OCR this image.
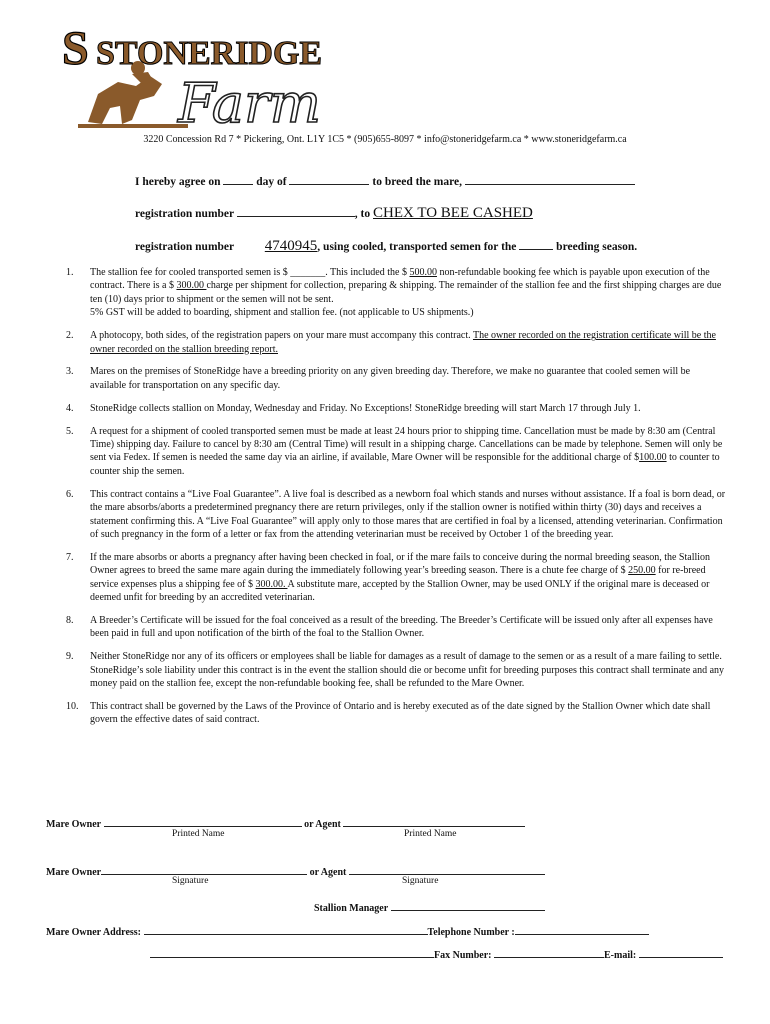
S STONERIDGE
Farm
3220 Concession Rd 7 * Pickering, Ont. L1Y 1C5 * (905)655-8097 * info@stoneridgefarm.ca * www.stoneridgefarm.ca
I hereby agree on	day of	to breed the mare,
registration number	, to CHEX TO BEE CASHED
registration number 4740945, using cooled, transported semen for the	breeding season.
1.	The stallion fee for cooled transported semen is $ _______. This included the $ 500.00 non-refundable booking fee which is payable upon execution of the contract. There is a $ 300.00 charge per shipment for collection, preparing & shipping. The remainder of the stallion fee and the first shipping charges are due ten (10) days prior to shipment or the semen will not be sent.
5% GST will be added to boarding, shipment and stallion fee. (not applicable to US shipments.)
2.	A photocopy, both sides, of the registration papers on your mare must accompany this contract. The owner recorded on the registration certificate will be the owner recorded on the stallion breeding report.
3.	Mares on the premises of StoneRidge have a breeding priority on any given breeding day. Therefore, we make no guarantee that cooled semen will be available for transportation on any specific day.
4.	StoneRidge collects stallion on Monday, Wednesday and Friday. No Exceptions! StoneRidge breeding will start March 17 through July 1.
5.	A request for a shipment of cooled transported semen must be made at least 24 hours prior to shipping time. Cancellation must be made by 8:30 am (Central Time) shipping day. Failure to cancel by 8:30 am (Central Time) will result in a shipping charge. Cancellations can be made by telephone. Semen will only be sent via Fedex. If semen is needed the same day via an airline, if available, Mare Owner will be responsible for the additional charge of $100.00 to counter to counter ship the semen.
6.	This contract contains a “Live Foal Guarantee”. A live foal is described as a newborn foal which stands and nurses without assistance. If a foal is born dead, or the mare absorbs/aborts a predetermined pregnancy there are return privileges, only if the stallion owner is notified within thirty (30) days and receives a statement confirming this. A “Live Foal Guarantee” will apply only to those mares that are certified in foal by a licensed, attending veterinarian. Confirmation of such pregnancy in the form of a letter or fax from the attending veterinarian must be received by October 1 of the breeding year.
7.	If the mare absorbs or aborts a pregnancy after having been checked in foal, or if the mare fails to conceive during the normal breeding season, the Stallion Owner agrees to breed the same mare again during the immediately following year’s breeding season. There is a chute fee charge of $ 250.00 for re-breed service expenses plus a shipping fee of $ 300.00. A substitute mare, accepted by the Stallion Owner, may be used ONLY if the original mare is deceased or deemed unfit for breeding by an accredited veterinarian.
8.	A Breeder’s Certificate will be issued for the foal conceived as a result of the breeding. The Breeder’s Certificate will be issued only after all expenses have been paid in full and upon notification of the birth of the foal to the Stallion Owner.
9.	Neither StoneRidge nor any of its officers or employees shall be liable for damages as a result of damage to the semen or as a result of a mare failing to settle. StoneRidge’s sole liability under this contract is in the event the stallion should die or become unfit for breeding purposes this contract shall terminate and any money paid on the stallion fee, except the non-refundable booking fee, shall be refunded to the Mare Owner.
10.	This contract shall be governed by the Laws of the Province of Ontario and is hereby executed as of the date signed by the Stallion Owner which date shall govern the effective dates of said contract.
Mare Owner	or Agent
Printed Name	Printed Name
Mare Owner	or Agent
Signature	Signature
Stallion Manager
Mare Owner Address:	Telephone Number :
Fax Number:	E-mail:
